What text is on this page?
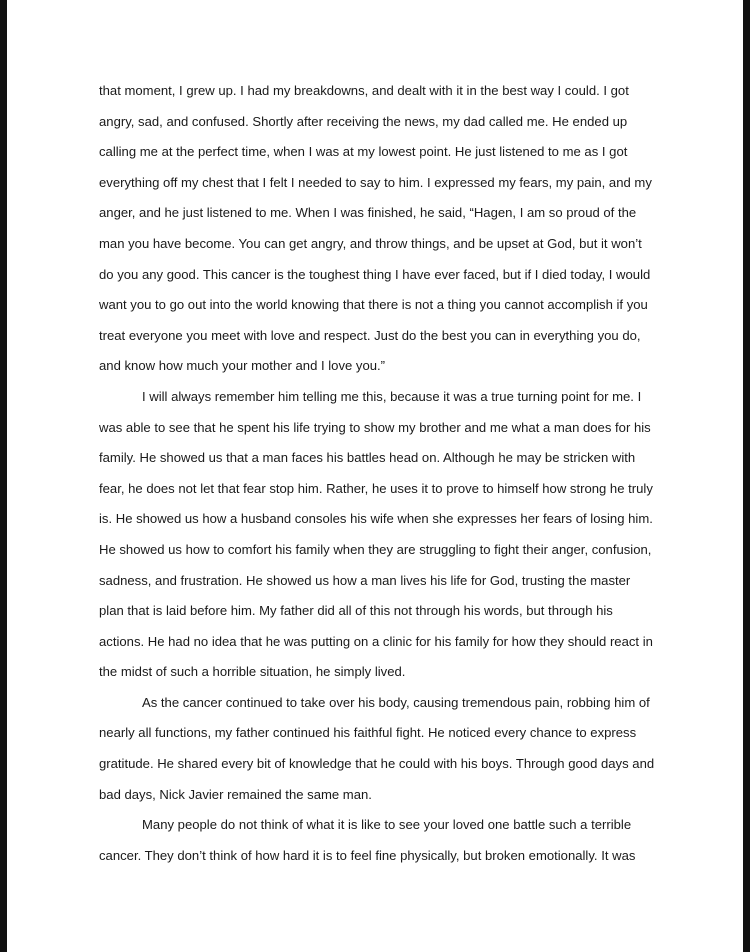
that moment, I grew up. I had my breakdowns, and dealt with it in the best way I could. I got
angry, sad, and confused. Shortly after receiving the news, my dad called me. He ended up
calling me at the perfect time, when I was at my lowest point. He just listened to me as I got
everything off my chest that I felt I needed to say to him. I expressed my fears, my pain, and my
anger, and he just listened to me. When I was finished, he said, “Hagen, I am so proud of the
man you have become. You can get angry, and throw things, and be upset at God, but it won’t
do you any good. This cancer is the toughest thing I have ever faced, but if I died today, I would
want you to go out into the world knowing that there is not a thing you cannot accomplish if you
treat everyone you meet with love and respect. Just do the best you can in everything you do,
and know how much your mother and I love you.”
I will always remember him telling me this, because it was a true turning point for me. I
was able to see that he spent his life trying to show my brother and me what a man does for his
family. He showed us that a man faces his battles head on. Although he may be stricken with
fear, he does not let that fear stop him. Rather, he uses it to prove to himself how strong he truly
is. He showed us how a husband consoles his wife when she expresses her fears of losing him.
He showed us how to comfort his family when they are struggling to fight their anger, confusion,
sadness, and frustration. He showed us how a man lives his life for God, trusting the master
plan that is laid before him. My father did all of this not through his words, but through his
actions. He had no idea that he was putting on a clinic for his family for how they should react in
the midst of such a horrible situation, he simply lived.
As the cancer continued to take over his body, causing tremendous pain, robbing him of
nearly all functions, my father continued his faithful fight. He noticed every chance to express
gratitude. He shared every bit of knowledge that he could with his boys. Through good days and
bad days, Nick Javier remained the same man.
Many people do not think of what it is like to see your loved one battle such a terrible
cancer. They don’t think of how hard it is to feel fine physically, but broken emotionally. It was
